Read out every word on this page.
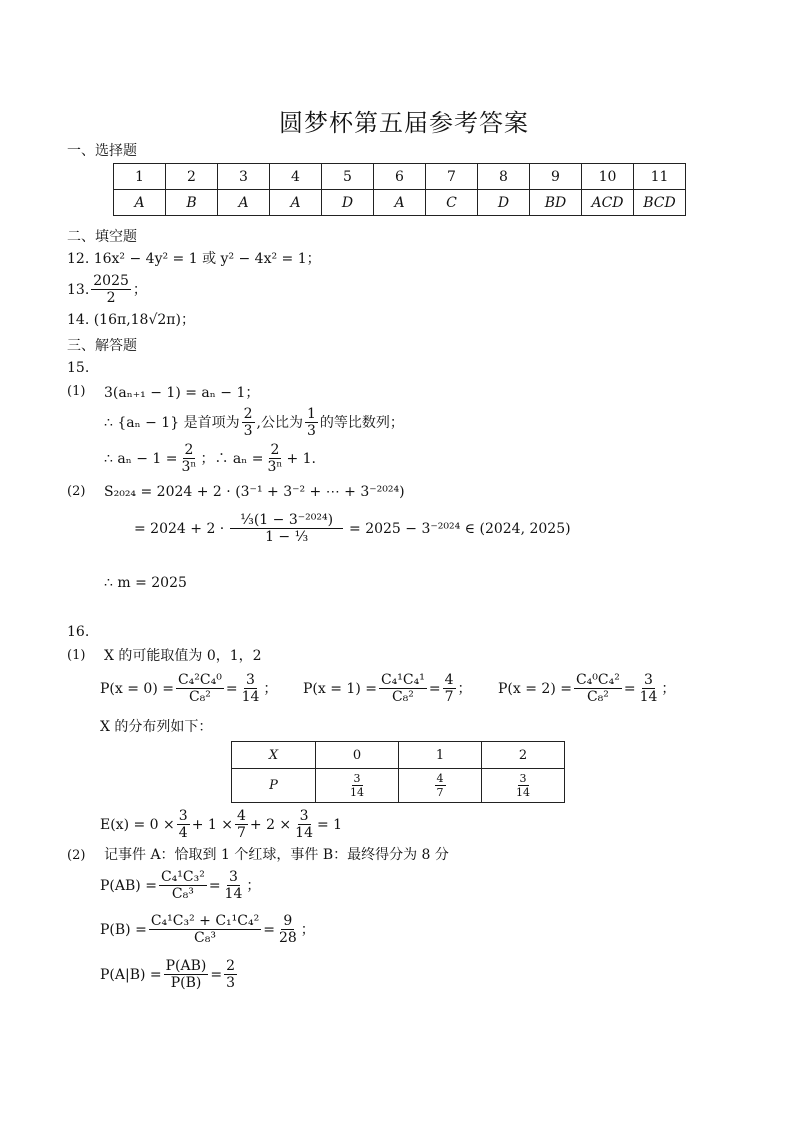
圆梦杯第五届参考答案
一、选择题
1	2	3	4	5	6	7	8	9	10	11
A	B	A	A	D	A	C	D	BD	ACD	BCD
二、填空题
12. 16x² − 4y² = 1 或 y² − 4x² = 1；
13. $\frac{2025}{2}$ ；
14. (16π,18√2π)；
三、解答题
15.
(1) 3(aₙ₊₁ − 1) = aₙ − 1；
∴ {aₙ − 1} 是首项为 $\frac{2}{3}$ ,公比为 $\frac{1}{3}$ 的等比数列；
∴ $a_n - 1 = \frac{2}{\text{3ⁿ}}$ ；∴ $a_n = \frac{2}{\text{3ⁿ}} + 1$.
(2) S₂₀₂₄ = 2024 + 2 · (3⁻¹ + 3⁻² + ⋯ + 3⁻²⁰²⁴)
= $2024 + 2 \cdot \frac{\text{⅓(1 − 3⁻²⁰²⁴)}}{\text{1 − ⅓}} = 2025 - 3^{-2024}$ ∈ (2024, 2025)
∴ m = 2025
16.
(1) X 的可能取值为 0，1，2
$P(x = 0) = \frac{\text{C₄²C₄⁰}}{\text{C₈²}} = \frac{3}{14}$ ； $P(x = 1) = \frac{\text{C₄¹C₄¹}}{\text{C₈²}} = \frac{4}{7}$ ； $P(x = 2) = \frac{\text{C₄⁰C₄²}}{\text{C₈²}} = \frac{3}{14}$ ；
X 的分布列如下：
X	0	1	2
P	$\frac{3}{14}$	$\frac{4}{7}$	$\frac{3}{14}$
$E(x) = 0 \times \frac{3}{4} + 1 \times \frac{4}{7} + 2 \times \frac{3}{14} = 1$
(2) 记事件 A：恰取到 1 个红球，事件 B：最终得分为 8 分
$P(AB) = \frac{\text{C₄¹C₃²}}{\text{C₈³}} = \frac{3}{14}$ ；
$P(B) = \frac{\text{C₄¹C₃² + C₁¹C₄²}}{\text{C₈³}} = \frac{9}{28}$ ；
$P(A|B) = \frac{P(AB)}{P(B)} = \frac{2}{3}$
